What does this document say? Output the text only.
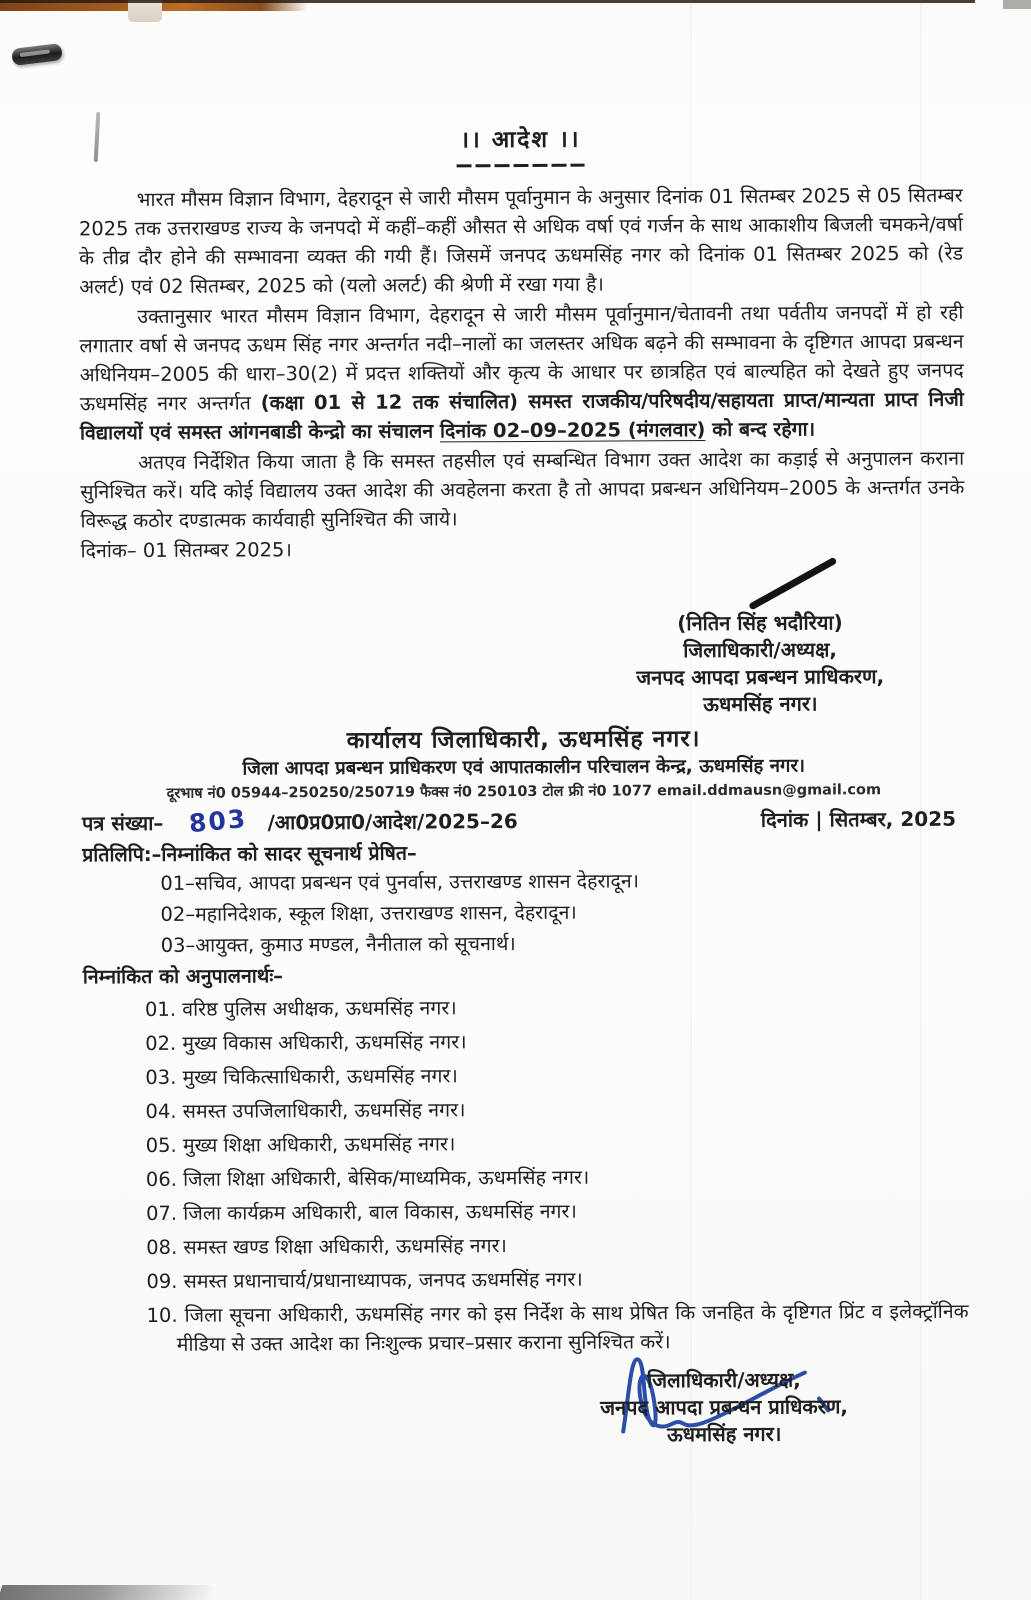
।। आदेश ।।

भारत मौसम विज्ञान विभाग, देहरादून से जारी मौसम पूर्वानुमान के अनुसार दिनांक 01 सितम्बर 2025 से 05 सितम्बर 2025 तक उत्तराखण्ड राज्य के जनपदो में कहीं–कहीं औसत से अधिक वर्षा एवं गर्जन के साथ आकाशीय बिजली चमकने/वर्षा के तीव्र दौर होने की सम्भावना व्यक्त की गयी हैं। जिसमें जनपद ऊधमसिंह नगर को दिनांक 01 सितम्बर 2025 को (रेड अलर्ट) एवं 02 सितम्बर, 2025 को (यलो अलर्ट) की श्रेणी में रखा गया है।

उक्तानुसार भारत मौसम विज्ञान विभाग, देहरादून से जारी मौसम पूर्वानुमान/चेतावनी तथा पर्वतीय जनपदों में हो रही लगातार वर्षा से जनपद ऊधम सिंह नगर अन्तर्गत नदी–नालों का जलस्तर अधिक बढ़ने की सम्भावना के दृष्टिगत आपदा प्रबन्धन अधिनियम–2005 की धारा–30(2) में प्रदत्त शक्तियों और कृत्य के आधार पर छात्रहित एवं बाल्यहित को देखते हुए जनपद ऊधमसिंह नगर अन्तर्गत (कक्षा 01 से 12 तक संचालित) समस्त राजकीय/परिषदीय/सहायता प्राप्त/मान्यता प्राप्त निजी विद्यालयों एवं समस्त आंगनबाडी केन्द्रो का संचालन दिनांक 02–09–2025 (मंगलवार) को बन्द रहेगा।

अतएव निर्देशित किया जाता है कि समस्त तहसील एवं सम्बन्धित विभाग उक्त आदेश का कड़ाई से अनुपालन कराना सुनिश्चित करें। यदि कोई विद्यालय उक्त आदेश की अवहेलना करता है तो आपदा प्रबन्धन अधिनियम–2005 के अन्तर्गत उनके विरूद्ध कठोर दण्डात्मक कार्यवाही सुनिश्चित की जाये।

दिनांक– 01 सितम्बर 2025।

(नितिन सिंह भदौरिया)
जिलाधिकारी/अध्यक्ष,
जनपद आपदा प्रबन्धन प्राधिकरण,
ऊधमसिंह नगर।
कार्यालय जिलाधिकारी, ऊधमसिंह नगर।
जिला आपदा प्रबन्धन प्राधिकरण एवं आपातकालीन परिचालन केन्द्र, ऊधमसिंह नगर।
दूरभाष नं0 05944–250250/250719 फैक्स नं0 250103 टोल फ्री नं0 1077 email.ddmausn@gmail.com
पत्र संख्या– 803 /आ0प्र0प्रा0/आदेश/2025–26	दिनांक | सितम्बर, 2025
प्रतिलिपि:–निम्नांकित को सादर सूचनार्थ प्रेषित–
01–सचिव, आपदा प्रबन्धन एवं पुनर्वास, उत्तराखण्ड शासन देहरादून।
02–महानिदेशक, स्कूल शिक्षा, उत्तराखण्ड शासन, देहरादून।
03–आयुक्त, कुमाउ मण्डल, नैनीताल को सूचनार्थ।
निम्नांकित को अनुपालनार्थः–
01. वरिष्ठ पुलिस अधीक्षक, ऊधमसिंह नगर।
02. मुख्य विकास अधिकारी, ऊधमसिंह नगर।
03. मुख्य चिकित्साधिकारी, ऊधमसिंह नगर।
04. समस्त उपजिलाधिकारी, ऊधमसिंह नगर।
05. मुख्य शिक्षा अधिकारी, ऊधमसिंह नगर।
06. जिला शिक्षा अधिकारी, बेसिक/माध्यमिक, ऊधमसिंह नगर।
07. जिला कार्यक्रम अधिकारी, बाल विकास, ऊधमसिंह नगर।
08. समस्त खण्ड शिक्षा अधिकारी, ऊधमसिंह नगर।
09. समस्त प्रधानाचार्य/प्रधानाध्यापक, जनपद ऊधमसिंह नगर।
10. जिला सूचना अधिकारी, ऊधमसिंह नगर को इस निर्देश के साथ प्रेषित कि जनहित के दृष्टिगत प्रिंट व इलेक्ट्रॉनिक मीडिया से उक्त आदेश का निःशुल्क प्रचार–प्रसार कराना सुनिश्चित करें।
जिलाधिकारी/अध्यक्ष,
जनपद आपदा प्रबन्धन प्राधिकरण,
ऊधमसिंह नगर।
